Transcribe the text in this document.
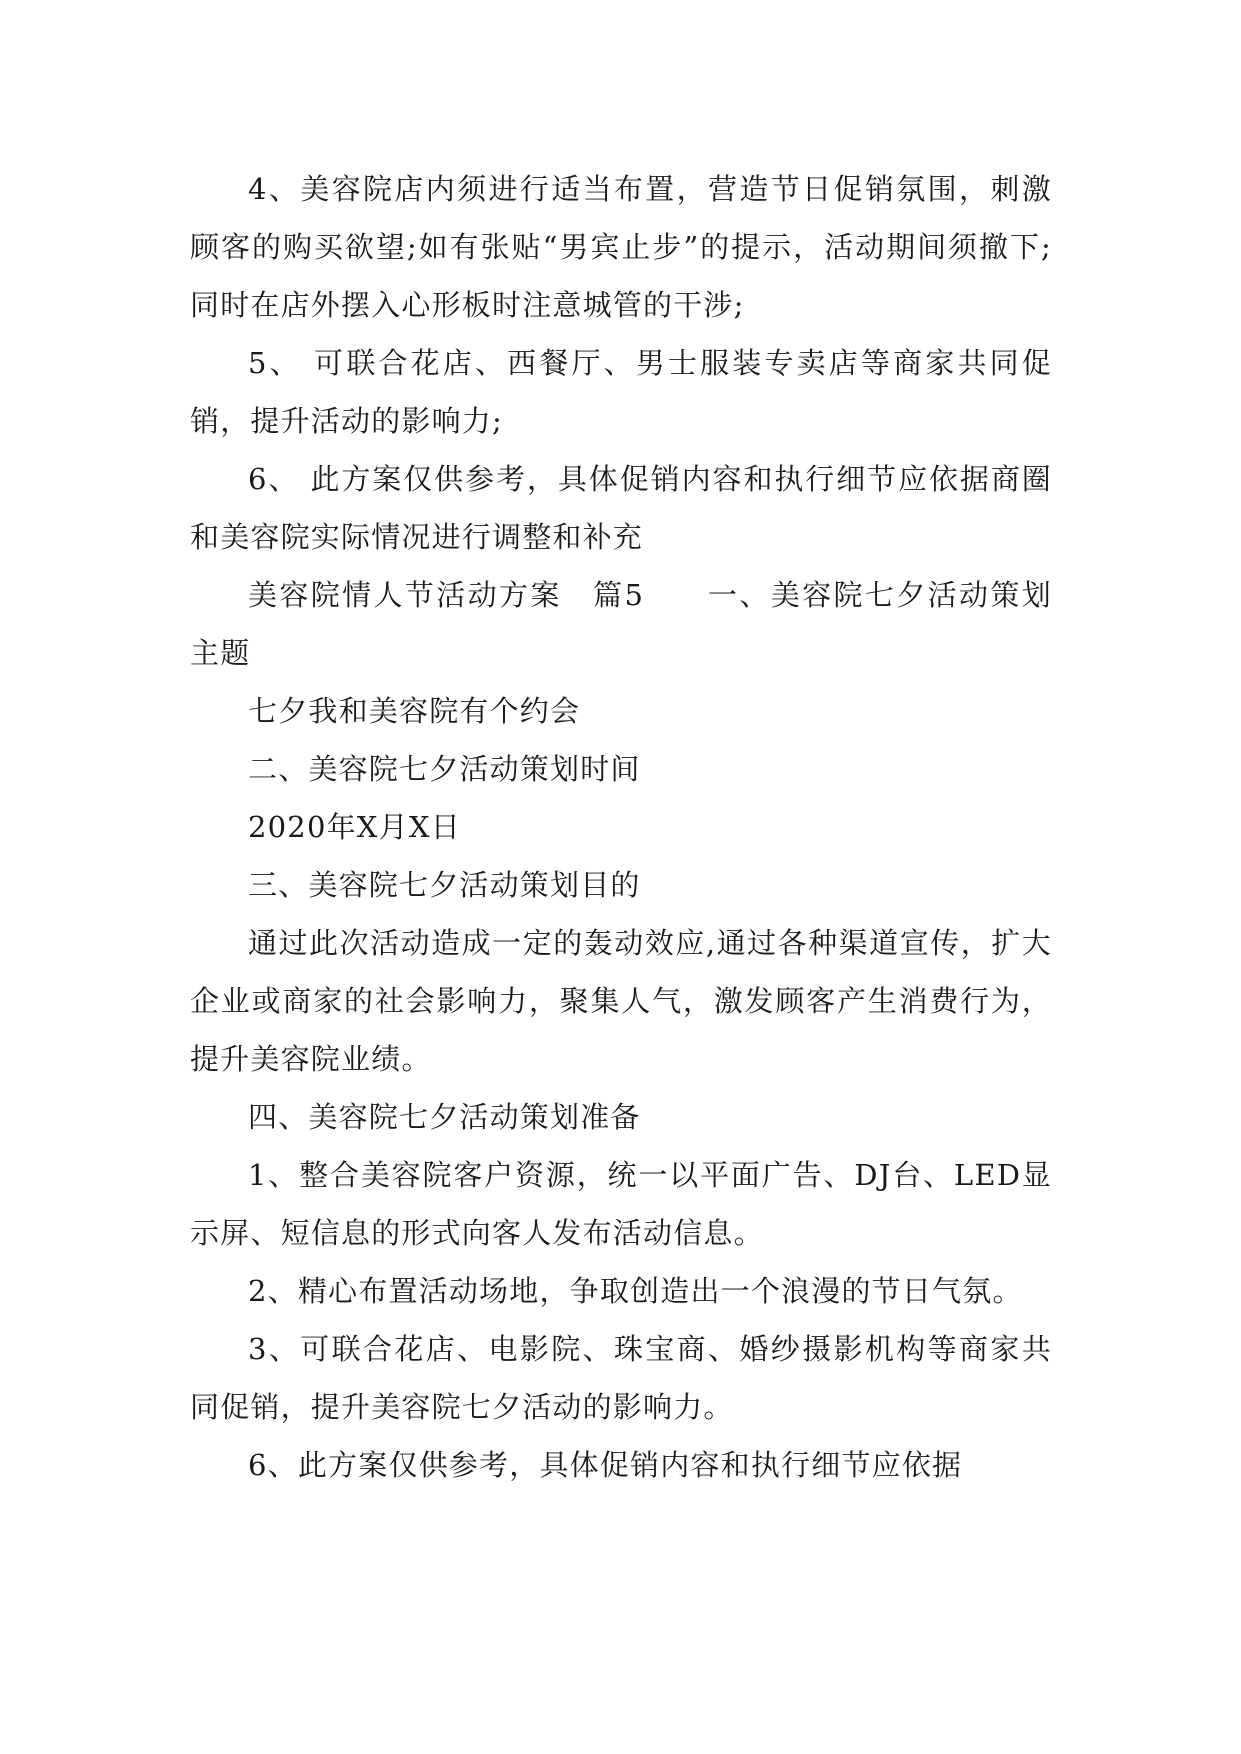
4、美容院店内须进行适当布置，营造节日促销氛围，刺激顾客的购买欲望;如有张贴“男宾止步”的提示，活动期间须撤下;同时在店外摆入心形板时注意城管的干涉;

5、 可联合花店、西餐厅、男士服装专卖店等商家共同促销，提升活动的影响力;

6、 此方案仅供参考，具体促销内容和执行细节应依据商圈和美容院实际情况进行调整和补充

美容院情人节活动方案　篇5　　一、美容院七夕活动策划主题

七夕我和美容院有个约会

二、美容院七夕活动策划时间

2020年X月X日

三、美容院七夕活动策划目的

通过此次活动造成一定的轰动效应,通过各种渠道宣传，扩大企业或商家的社会影响力，聚集人气，激发顾客产生消费行为，提升美容院业绩。

四、美容院七夕活动策划准备

1、整合美容院客户资源，统一以平面广告、DJ台、LED显示屏、短信息的形式向客人发布活动信息。

2、精心布置活动场地，争取创造出一个浪漫的节日气氛。

3、可联合花店、电影院、珠宝商、婚纱摄影机构等商家共同促销，提升美容院七夕活动的影响力。

6、此方案仅供参考，具体促销内容和执行细节应依据
